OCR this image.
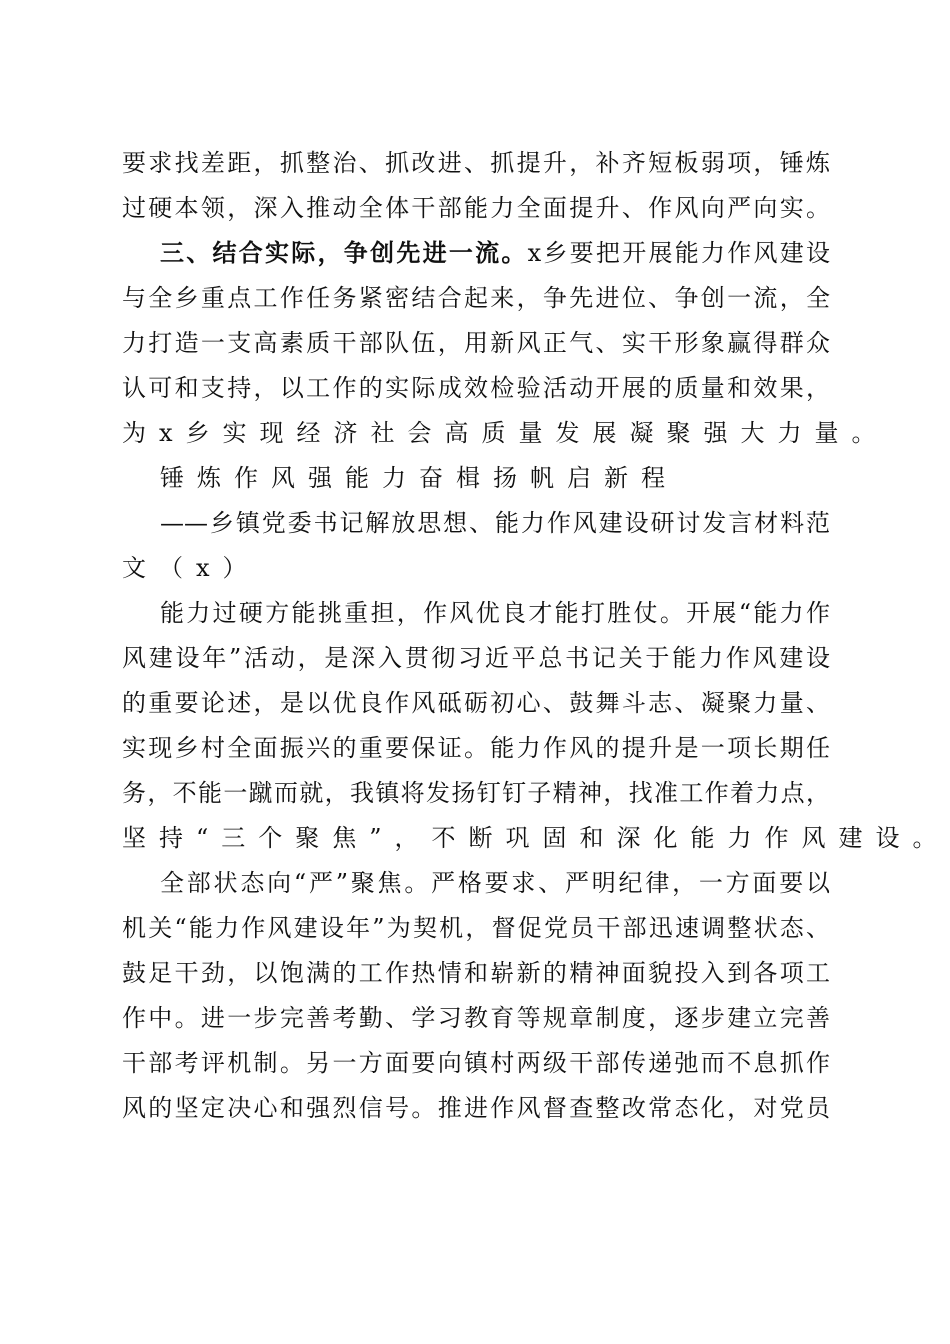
要求找差距，抓整治、抓改进、抓提升，补齐短板弱项，锤炼
过硬本领，深入推动全体干部能力全面提升、作风向严向实。
三、结合实际，争创先进一流。x乡要把开展能力作风建设
与全乡重点工作任务紧密结合起来，争先进位、争创一流，全
力打造一支高素质干部队伍，用新风正气、实干形象赢得群众
认可和支持，以工作的实际成效检验活动开展的质量和效果，
为x乡实现经济社会高质量发展凝聚强大力量。
锤炼作风强能力奋楫扬帆启新程
——乡镇党委书记解放思想、能力作风建设研讨发言材料范
文（x）
能力过硬方能挑重担，作风优良才能打胜仗。开展“能力作
风建设年”活动，是深入贯彻习近平总书记关于能力作风建设
的重要论述，是以优良作风砥砺初心、鼓舞斗志、凝聚力量、
实现乡村全面振兴的重要保证。能力作风的提升是一项长期任
务，不能一蹴而就，我镇将发扬钉钉子精神，找准工作着力点，
坚持“三个聚焦”，不断巩固和深化能力作风建设。
全部状态向“严”聚焦。严格要求、严明纪律，一方面要以
机关“能力作风建设年”为契机，督促党员干部迅速调整状态、
鼓足干劲，以饱满的工作热情和崭新的精神面貌投入到各项工
作中。进一步完善考勤、学习教育等规章制度，逐步建立完善
干部考评机制。另一方面要向镇村两级干部传递弛而不息抓作
风的坚定决心和强烈信号。推进作风督查整改常态化，对党员
